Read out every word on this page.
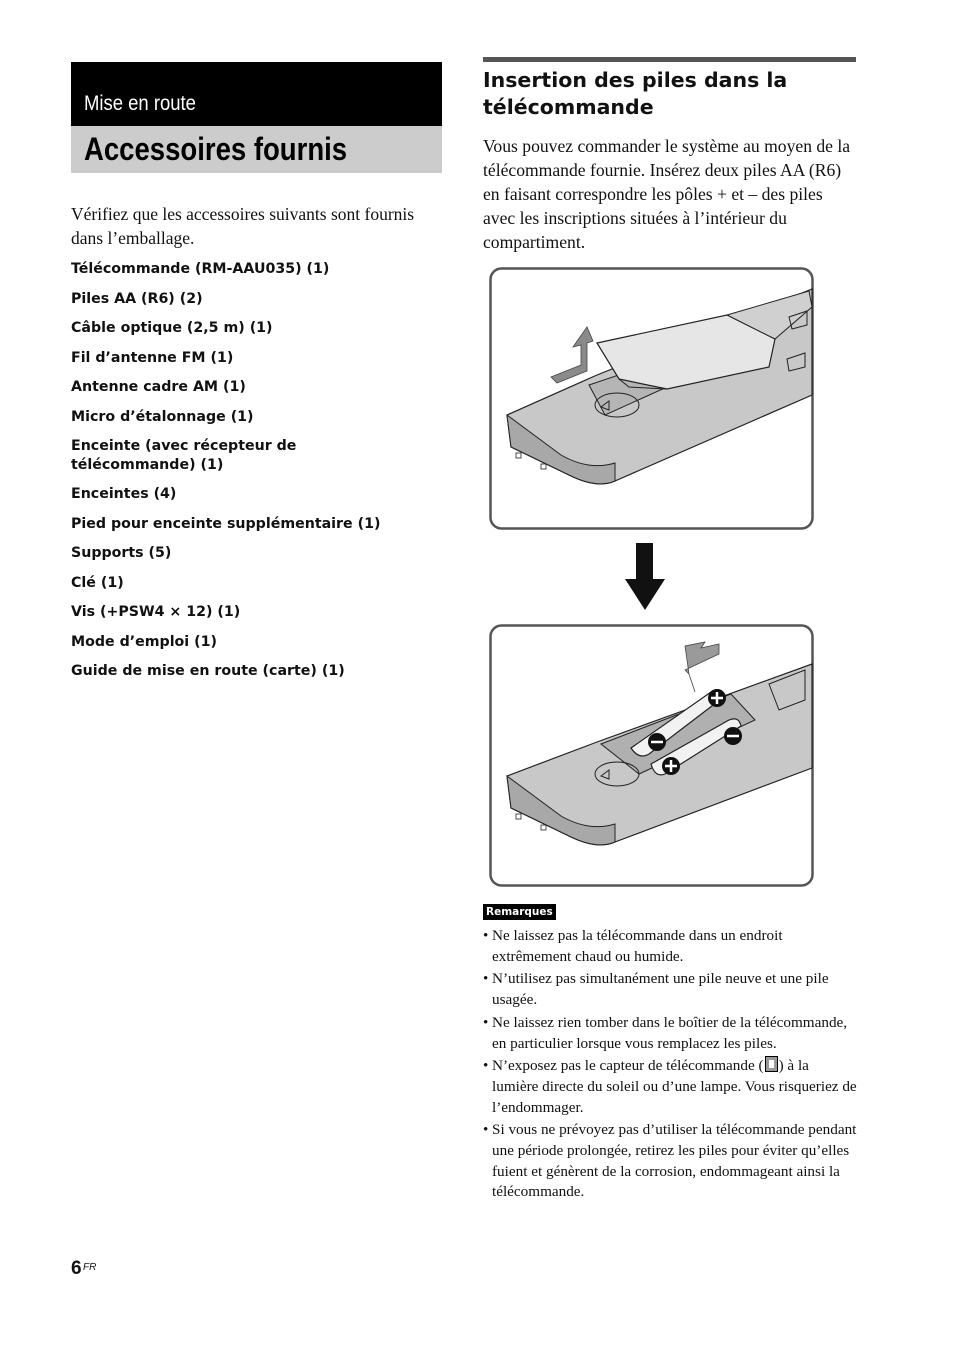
Mise en route
Accessoires fournis
Vérifiez que les accessoires suivants sont fournis dans l’emballage.
Télécommande (RM-AAU035) (1)
Piles AA (R6) (2)
Câble optique (2,5 m) (1)
Fil d’antenne FM (1)
Antenne cadre AM (1)
Micro d’étalonnage (1)
Enceinte (avec récepteur de télécommande) (1)
Enceintes (4)
Pied pour enceinte supplémentaire (1)
Supports (5)
Clé (1)
Vis (+PSW4 × 12) (1)
Mode d’emploi (1)
Guide de mise en route (carte) (1)
Insertion des piles dans la télécommande
Vous pouvez commander le système au moyen de la télécommande fournie. Insérez deux piles AA (R6) en faisant correspondre les pôles + et – des piles avec les inscriptions situées à l’intérieur du compartiment.
Remarques
• Ne laissez pas la télécommande dans un endroit extrêmement chaud ou humide.
• N’utilisez pas simultanément une pile neuve et une pile usagée.
• Ne laissez rien tomber dans le boîtier de la télécommande, en particulier lorsque vous remplacez les piles.
• N’exposez pas le capteur de télécommande ( ) à la lumière directe du soleil ou d’une lampe. Vous risqueriez de l’endommager.
• Si vous ne prévoyez pas d’utiliser la télécommande pendant une période prolongée, retirez les piles pour éviter qu’elles fuient et génèrent de la corrosion, endommageant ainsi la télécommande.
6 FR
